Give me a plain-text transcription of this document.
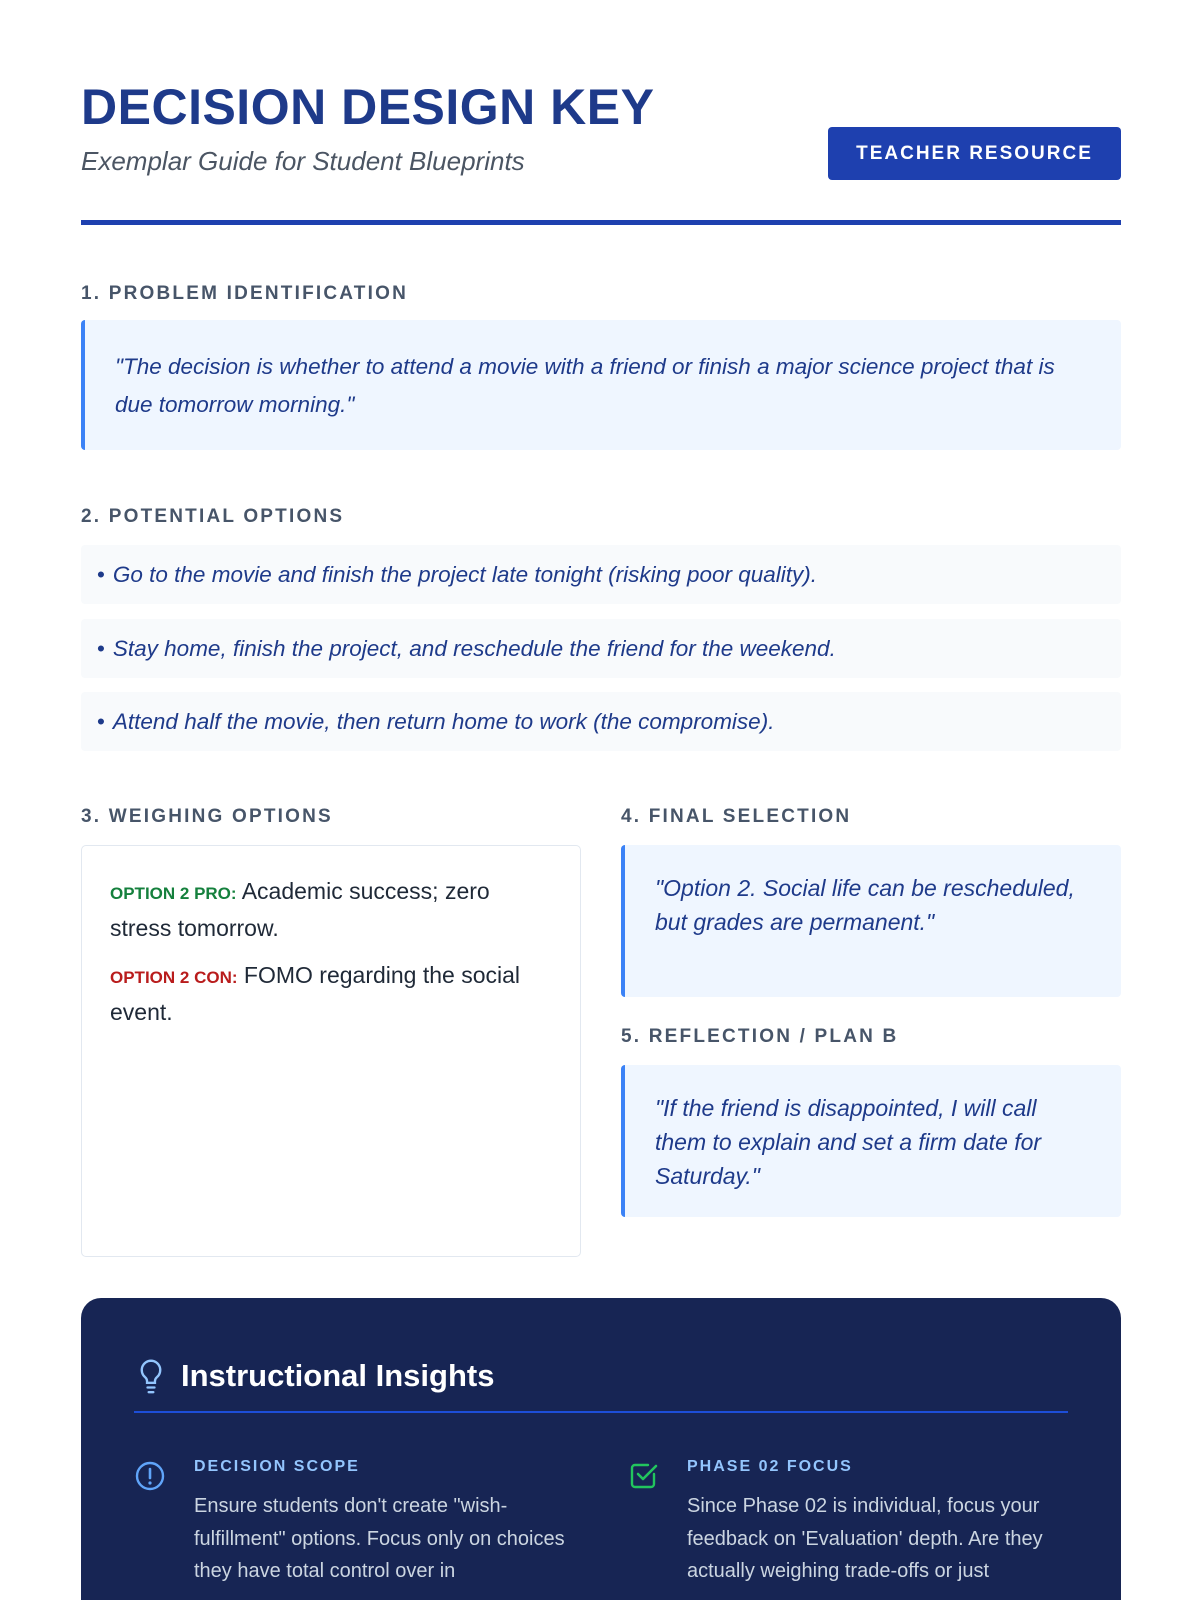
DECISION DESIGN KEY
Exemplar Guide for Student Blueprints	TEACHER RESOURCE
1. PROBLEM IDENTIFICATION
"The decision is whether to attend a movie with a friend or finish a major science project that is due tomorrow morning."
2. POTENTIAL OPTIONS
• Go to the movie and finish the project late tonight (risking poor quality).
• Stay home, finish the project, and reschedule the friend for the weekend.
• Attend half the movie, then return home to work (the compromise).
3. WEIGHING OPTIONS

OPTION 2 PRO: Academic success; zero stress tomorrow.

OPTION 2 CON: FOMO regarding the social event.

4. FINAL SELECTION
"Option 2. Social life can be rescheduled, but grades are permanent."
5. REFLECTION / PLAN B
"If the friend is disappointed, I will call them to explain and set a firm date for Saturday."
Instructional Insights
DECISION SCOPE
Ensure students don't create "wish-fulfillment" options. Focus only on choices they have total control over in
PHASE 02 FOCUS
Since Phase 02 is individual, focus your feedback on 'Evaluation' depth. Are they actually weighing trade-offs or just
